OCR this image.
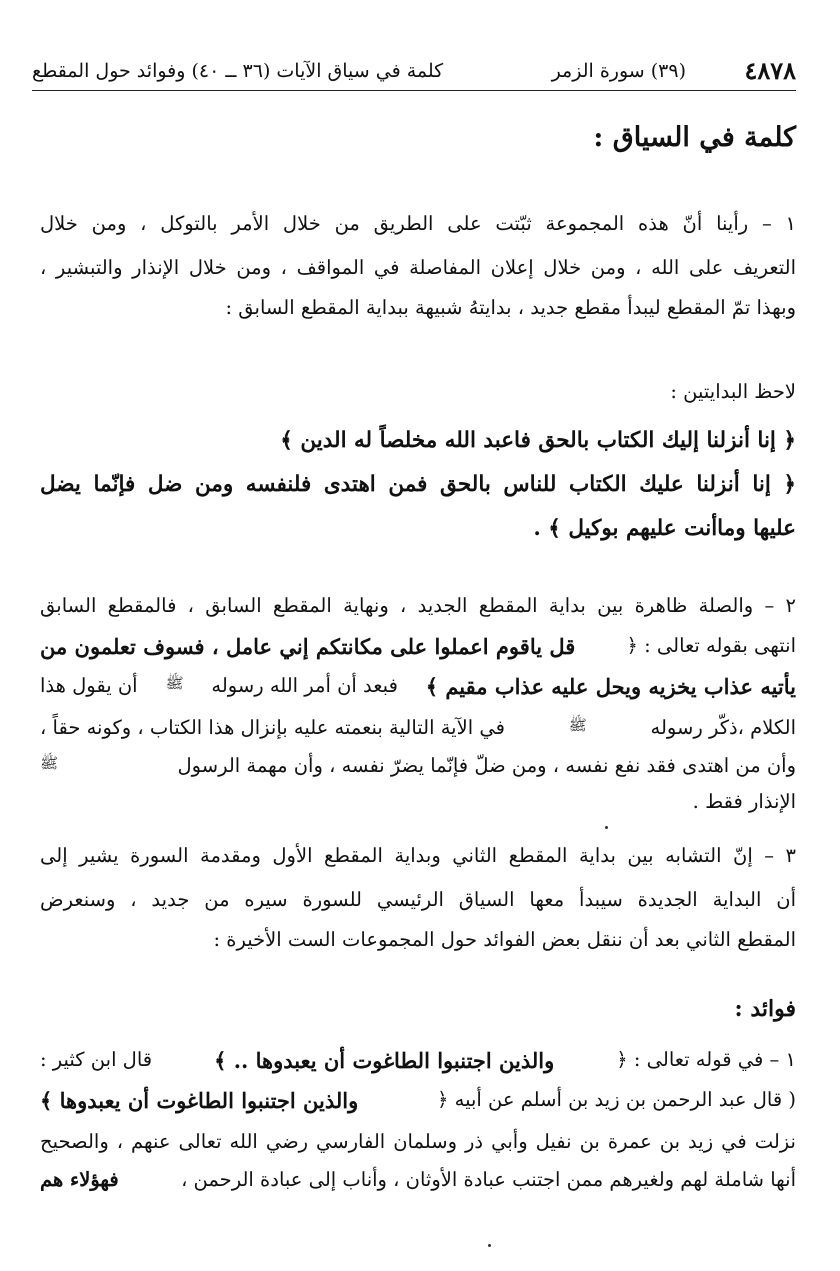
٤٨٧٨
(٣٩) سورة الزمر
كلمة في سياق الآيات (٣٦ ــ ٤٠) وفوائد حول المقطع
كلمة في السياق :
١ – رأينا أنّ هذه المجموعة ثبّتت على الطريق من خلال الأمر بالتوكل ، ومن خلال
التعريف على الله ، ومن خلال إعلان المفاصلة في المواقف ، ومن خلال الإنذار والتبشير ،
وبهذا تمّ المقطع ليبدأ مقطع جديد ، بدايتهُ شبيهة ببداية المقطع السابق :
لاحظ البدايتين :
﴿ إنا أنزلنا إليك الكتاب بالحق فاعبد الله مخلصاً له الدين ﴾
﴿ إنا أنزلنا عليك الكتاب للناس بالحق فمن اهتدى فلنفسه ومن ضل فإنّما يضل
عليها وماأنت عليهم بوكيل ﴾ .
٢ – والصلة ظاهرة بين بداية المقطع الجديد ، ونهاية المقطع السابق ، فالمقطع السابق
انتهى بقوله تعالى : ﴿
قل ياقوم اعملوا على مكانتكم إني عامل ، فسوف تعلمون من
يأتيه عذاب يخزيه ويحل عليه عذاب مقيم ﴾
فبعد أن أمر الله رسوله
ﷺ
أن يقول هذا
الكلام ،ذكّر رسوله
ﷺ
في الآية التالية بنعمته عليه بإنزال هذا الكتاب ، وكونه حقاً ،
وأن من اهتدى فقد نفع نفسه ، ومن ضلّ فإنّما يضرّ نفسه ، وأن مهمة الرسول
ﷺ
الإنذار فقط .
٣ – إنّ التشابه بين بداية المقطع الثاني وبداية المقطع الأول ومقدمة السورة يشير إلى
أن البداية الجديدة سيبدأ معها السياق الرئيسي للسورة سيره من جديد ، وسنعرض
المقطع الثاني بعد أن ننقل بعض الفوائد حول المجموعات الست الأخيرة :
فوائد :
١ – في قوله تعالى : ﴿
والذين اجتنبوا الطاغوت أن يعبدوها .. ﴾
قال ابن كثير :
( قال عبد الرحمن بن زيد بن أسلم عن أبيه ﴿
والذين اجتنبوا الطاغوت أن يعبدوها ﴾
نزلت في زيد بن عمرة بن نفيل وأبي ذر وسلمان الفارسي رضي الله تعالى عنهم ، والصحيح
أنها شاملة لهم ولغيرهم ممن اجتنب عبادة الأوثان ، وأناب إلى عبادة الرحمن ،
فهؤلاء هم
